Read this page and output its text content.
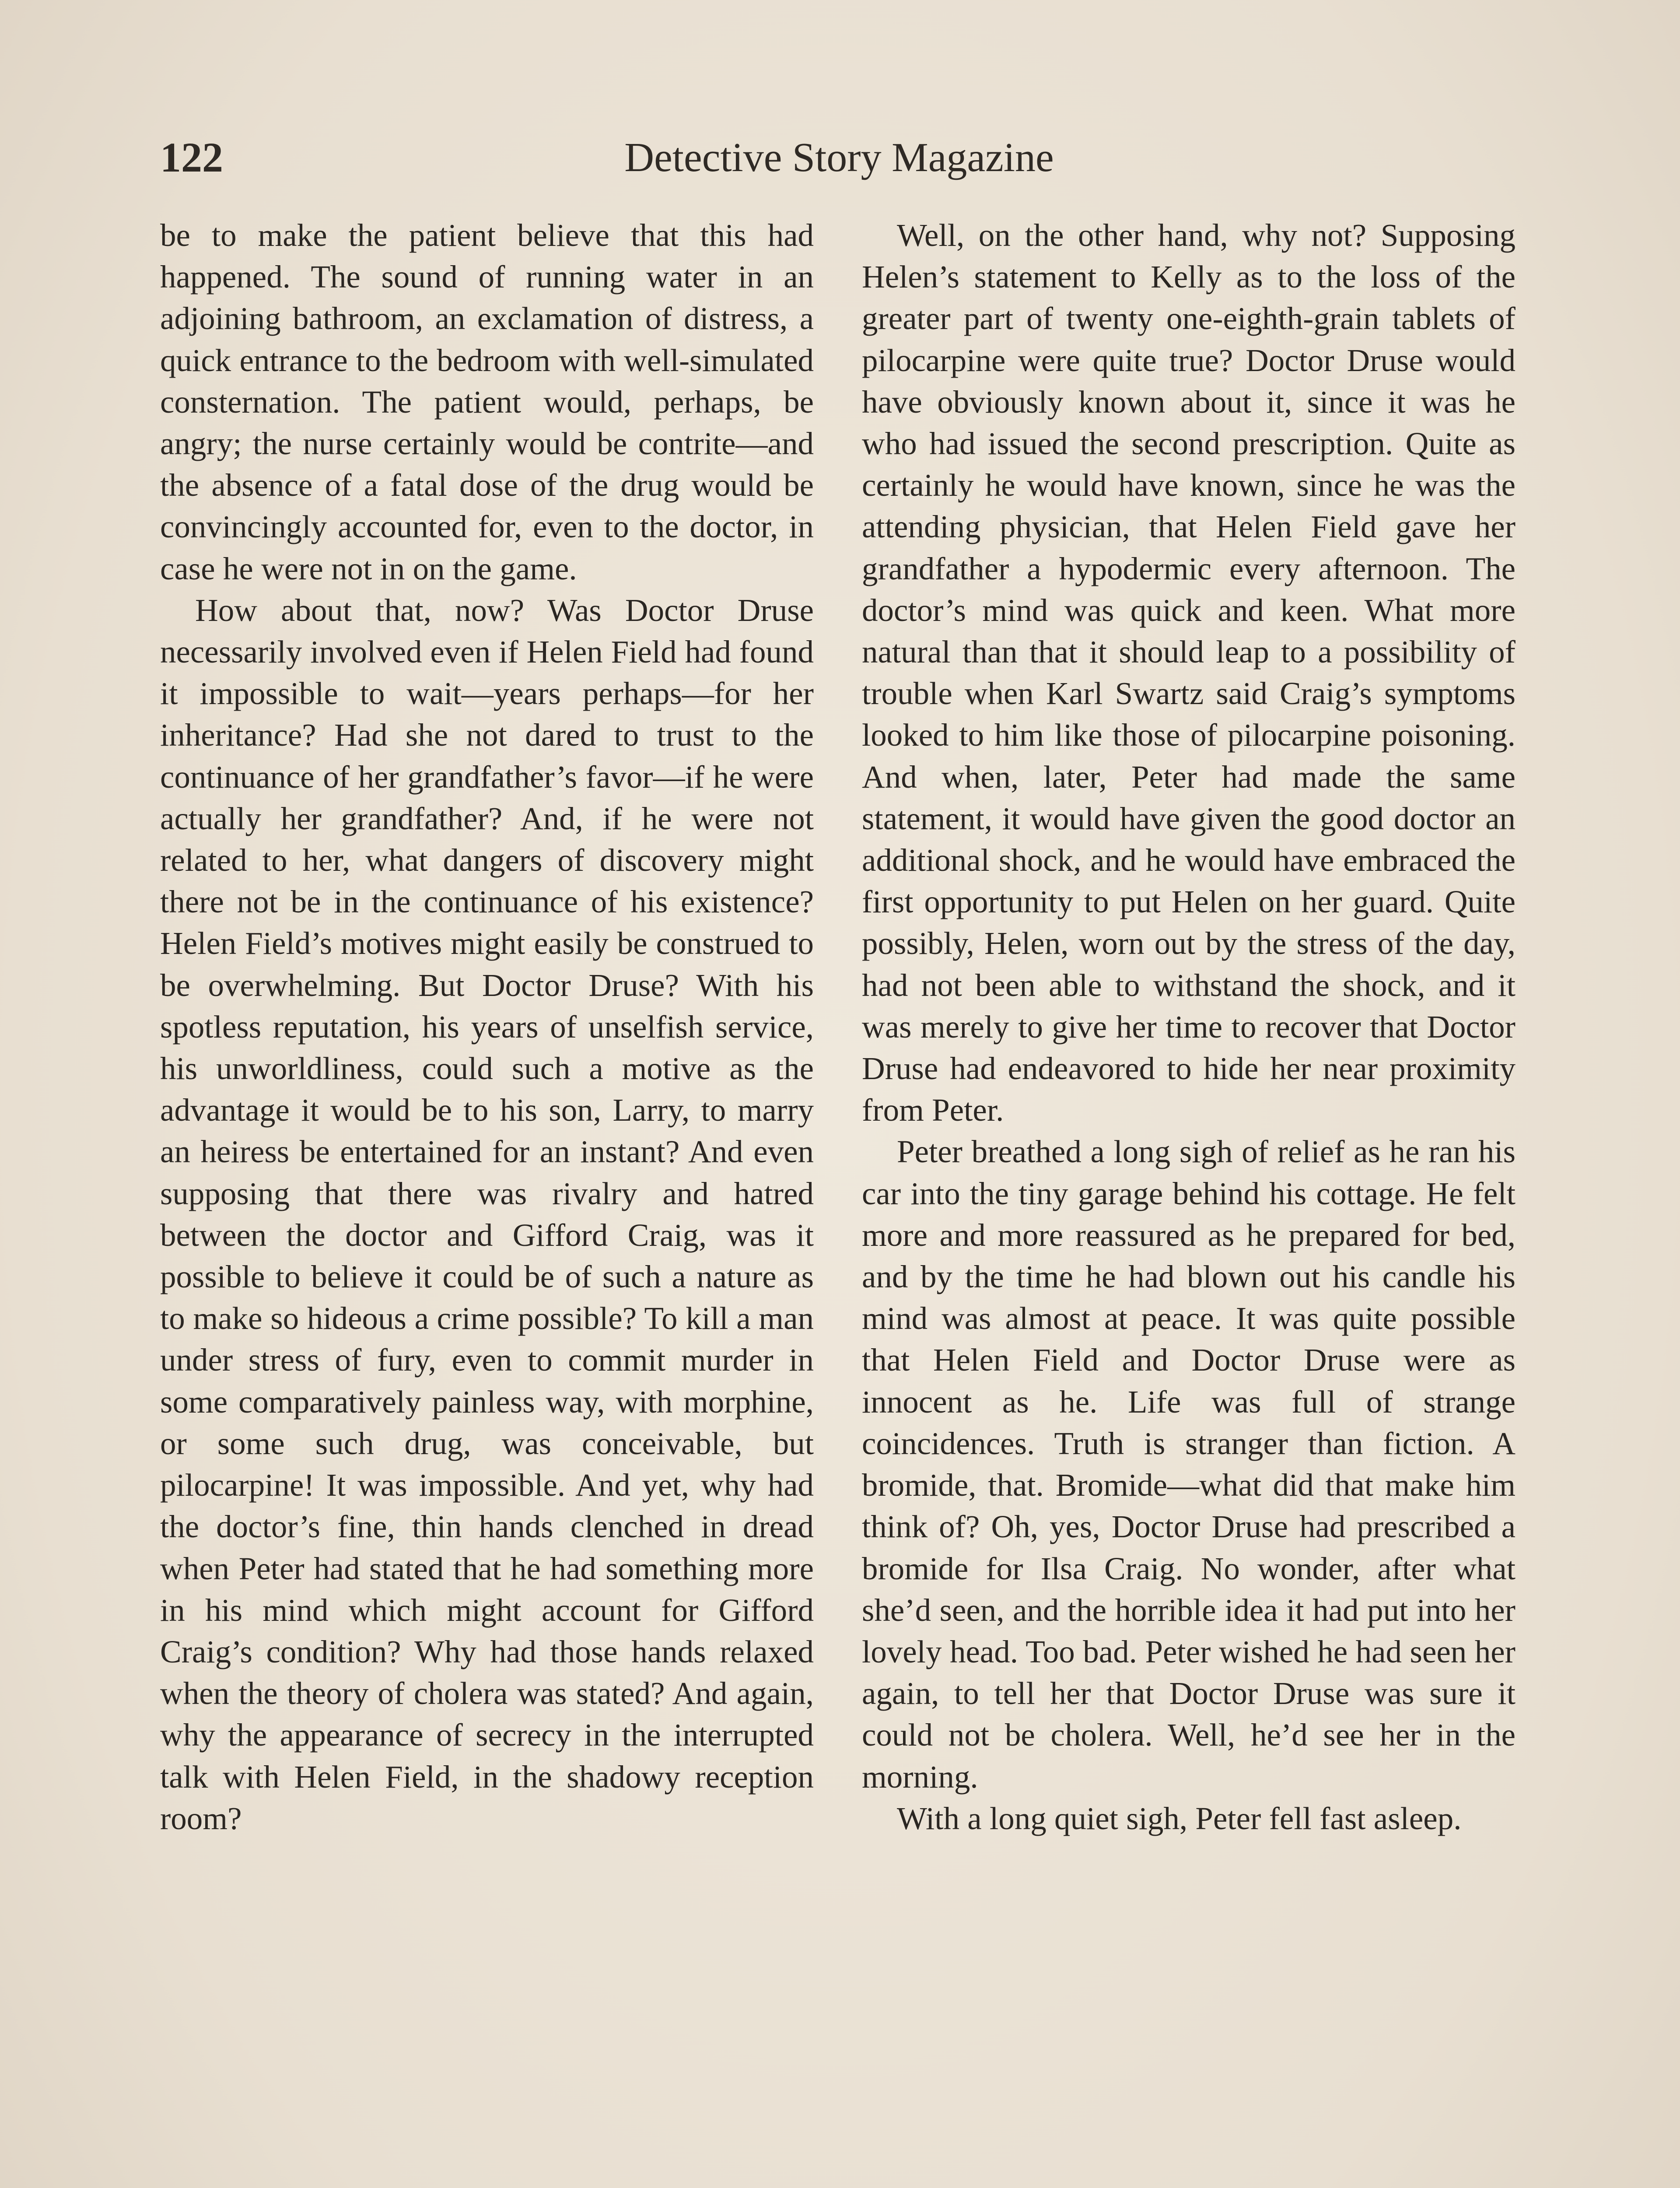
122	Detective Story Magazine

be to make the patient believe that this had happened. The sound of running water in an adjoining bathroom, an exclamation of distress, a quick entrance to the bedroom with well-simulated consternation. The patient would, perhaps, be angry; the nurse certainly would be contrite—and the absence of a fatal dose of the drug would be convincingly accounted for, even to the doctor, in case he were not in on the game.

How about that, now? Was Doctor Druse necessarily involved even if Helen Field had found it impossible to wait—years perhaps—for her inheritance? Had she not dared to trust to the continuance of her grandfather’s favor—if he were actually her grandfather? And, if he were not related to her, what dangers of discovery might there not be in the continuance of his existence? Helen Field’s motives might easily be construed to be overwhelming. But Doctor Druse? With his spotless reputation, his years of unselfish service, his unworldliness, could such a motive as the advantage it would be to his son, Larry, to marry an heiress be entertained for an instant? And even supposing that there was rivalry and hatred between the doctor and Gifford Craig, was it possible to believe it could be of such a nature as to make so hideous a crime possible? To kill a man under stress of fury, even to commit murder in some comparatively painless way, with morphine, or some such drug, was conceivable, but pilocarpine! It was impossible. And yet, why had the doctor’s fine, thin hands clenched in dread when Peter had stated that he had something more in his mind which might account for Gifford Craig’s condition? Why had those hands relaxed when the theory of cholera was stated? And again, why the appearance of secrecy in the interrupted talk with Helen Field, in the shadowy reception room?

Well, on the other hand, why not? Supposing Helen’s statement to Kelly as to the loss of the greater part of twenty one-eighth-grain tablets of pilocarpine were quite true? Doctor Druse would have obviously known about it, since it was he who had issued the second prescription. Quite as certainly he would have known, since he was the attending physician, that Helen Field gave her grandfather a hypodermic every afternoon. The doctor’s mind was quick and keen. What more natural than that it should leap to a possibility of trouble when Karl Swartz said Craig’s symptoms looked to him like those of pilocarpine poisoning. And when, later, Peter had made the same statement, it would have given the good doctor an additional shock, and he would have embraced the first opportunity to put Helen on her guard. Quite possibly, Helen, worn out by the stress of the day, had not been able to withstand the shock, and it was merely to give her time to recover that Doctor Druse had endeavored to hide her near proximity from Peter.

Peter breathed a long sigh of relief as he ran his car into the tiny garage behind his cottage. He felt more and more reassured as he prepared for bed, and by the time he had blown out his candle his mind was almost at peace. It was quite possible that Helen Field and Doctor Druse were as innocent as he. Life was full of strange coincidences. Truth is stranger than fiction. A bromide, that. Bromide—what did that make him think of? Oh, yes, Doctor Druse had prescribed a bromide for Ilsa Craig. No wonder, after what she’d seen, and the horrible idea it had put into her lovely head. Too bad. Peter wished he had seen her again, to tell her that Doctor Druse was sure it could not be cholera. Well, he’d see her in the morning.

With a long quiet sigh, Peter fell fast asleep.
